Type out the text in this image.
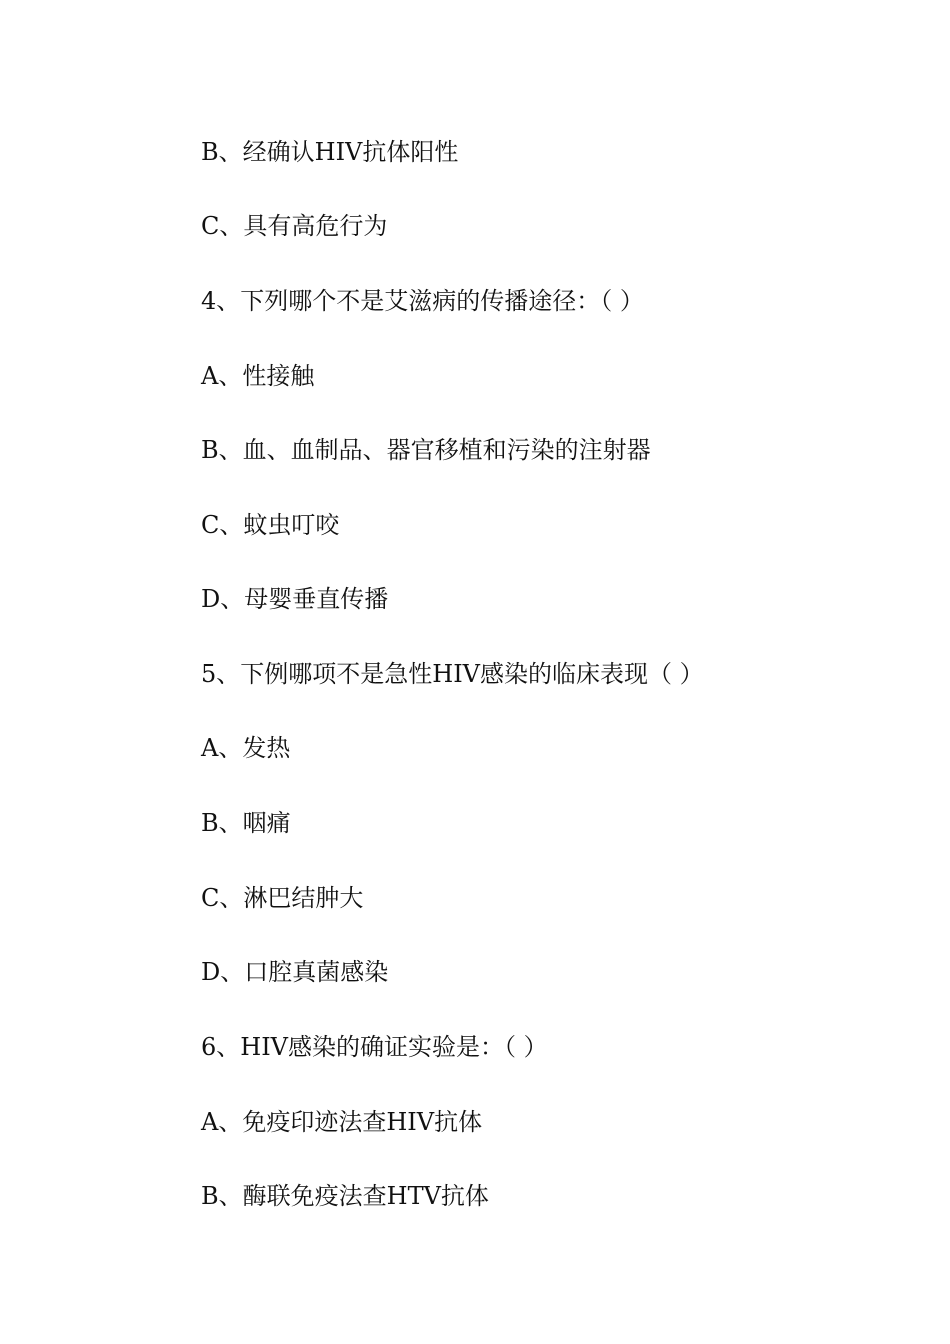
B、经确认HIV抗体阳性
C、具有高危行为
4、下列哪个不是艾滋病的传播途径：（ ）
A、性接触
B、血、血制品、器官移植和污染的注射器
C、蚊虫叮咬
D、母婴垂直传播
5、下例哪项不是急性HIV感染的临床表现（ ）
A、发热
B、咽痛
C、淋巴结肿大
D、口腔真菌感染
6、HIV感染的确证实验是：（ ）
A、免疫印迹法查HIV抗体
B、酶联免疫法查HTV抗体
